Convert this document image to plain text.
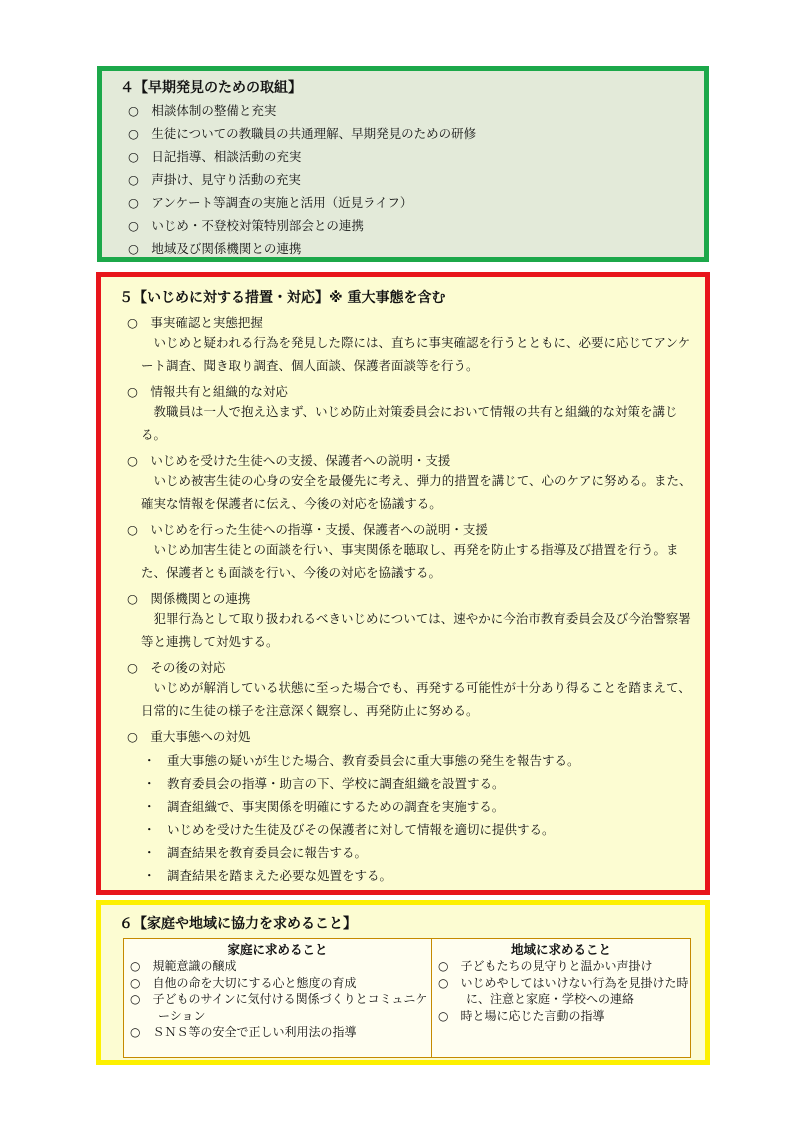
４【早期発見のための取組】
○　相談体制の整備と充実
○　生徒についての教職員の共通理解、早期発見のための研修
○　日記指導、相談活動の充実
○　声掛け、見守り活動の充実
○　アンケート等調査の実施と活用（近見ライフ）
○　いじめ・不登校対策特別部会との連携
○　地域及び関係機関との連携
５【いじめに対する措置・対応】※ 重大事態を含む
○　事実確認と実態把握
いじめと疑われる行為を発見した際には、直ちに事実確認を行うとともに、必要に応じてアンケート調査、聞き取り調査、個人面談、保護者面談等を行う。
○　情報共有と組織的な対応
教職員は一人で抱え込まず、いじめ防止対策委員会において情報の共有と組織的な対策を講じる。
○　いじめを受けた生徒への支援、保護者への説明・支援
いじめ被害生徒の心身の安全を最優先に考え、弾力的措置を講じて、心のケアに努める。また、確実な情報を保護者に伝え、今後の対応を協議する。
○　いじめを行った生徒への指導・支援、保護者への説明・支援
いじめ加害生徒との面談を行い、事実関係を聴取し、再発を防止する指導及び措置を行う。また、保護者とも面談を行い、今後の対応を協議する。
○　関係機関との連携
犯罪行為として取り扱われるべきいじめについては、速やかに今治市教育委員会及び今治警察署等と連携して対処する。
○　その後の対応
いじめが解消している状態に至った場合でも、再発する可能性が十分あり得ることを踏まえて、日常的に生徒の様子を注意深く観察し、再発防止に努める。
○　重大事態への対処
・ 重大事態の疑いが生じた場合、教育委員会に重大事態の発生を報告する。
・ 教育委員会の指導・助言の下、学校に調査組織を設置する。
・ 調査組織で、事実関係を明確にするための調査を実施する。
・ いじめを受けた生徒及びその保護者に対して情報を適切に提供する。
・ 調査結果を教育委員会に報告する。
・ 調査結果を踏まえた必要な処置をする。
６【家庭や地域に協力を求めること】
家庭に求めること
○　規範意識の醸成
○　自他の命を大切にする心と態度の育成
○　子どものサインに気付ける関係づくりとコミュニケーション
○　ＳＮＳ等の安全で正しい利用法の指導
地域に求めること
○　子どもたちの見守りと温かい声掛け
○　いじめやしてはいけない行為を見掛けた時に、注意と家庭・学校への連絡
○　時と場に応じた言動の指導
